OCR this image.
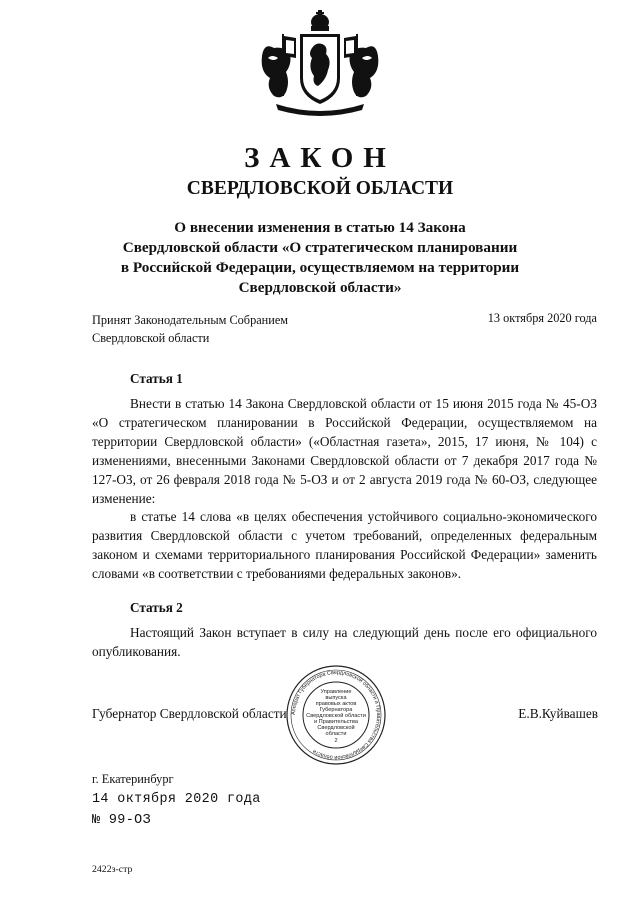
ЗАКОН
СВЕРДЛОВСКОЙ ОБЛАСТИ
О внесении изменения в статью 14 Закона
Свердловской области «О стратегическом планировании
в Российской Федерации, осуществляемом на территории
Свердловской области»
Принят Законодательным Собранием
Свердловской области
13 октября 2020 года
Статья 1

Внести в статью 14 Закона Свердловской области от 15 июня 2015 года № 45-ОЗ «О стратегическом планировании в Российской Федерации, осуществляемом на территории Свердловской области» («Областная газета», 2015, 17 июня, № 104) с изменениями, внесенными Законами Свердловской области от 7 декабря 2017 года № 127-ОЗ, от 26 февраля 2018 года № 5-ОЗ и от 2 августа 2019 года № 60-ОЗ, следующее изменение:

в статье 14 слова «в целях обеспечения устойчивого социально-экономического развития Свердловской области с учетом требований, определенных федеральным законом и схемами территориального планирования Российской Федерации» заменить словами «в соответствии с требованиями федеральных законов».

Статья 2

Настоящий Закон вступает в силу на следующий день после его официального опубликования.

Губернатор Свердловской области	Е.В.Куйвашев
Аппарат Губернатора Свердловской области и Правительства Свердловской области
Управление
выпуска
правовых актов
Губернатора
Свердловской области
и Правительства
Свердловской
области
2
г. Екатеринбург
14 октября 2020 года
№ 99-ОЗ
2422з-стр
